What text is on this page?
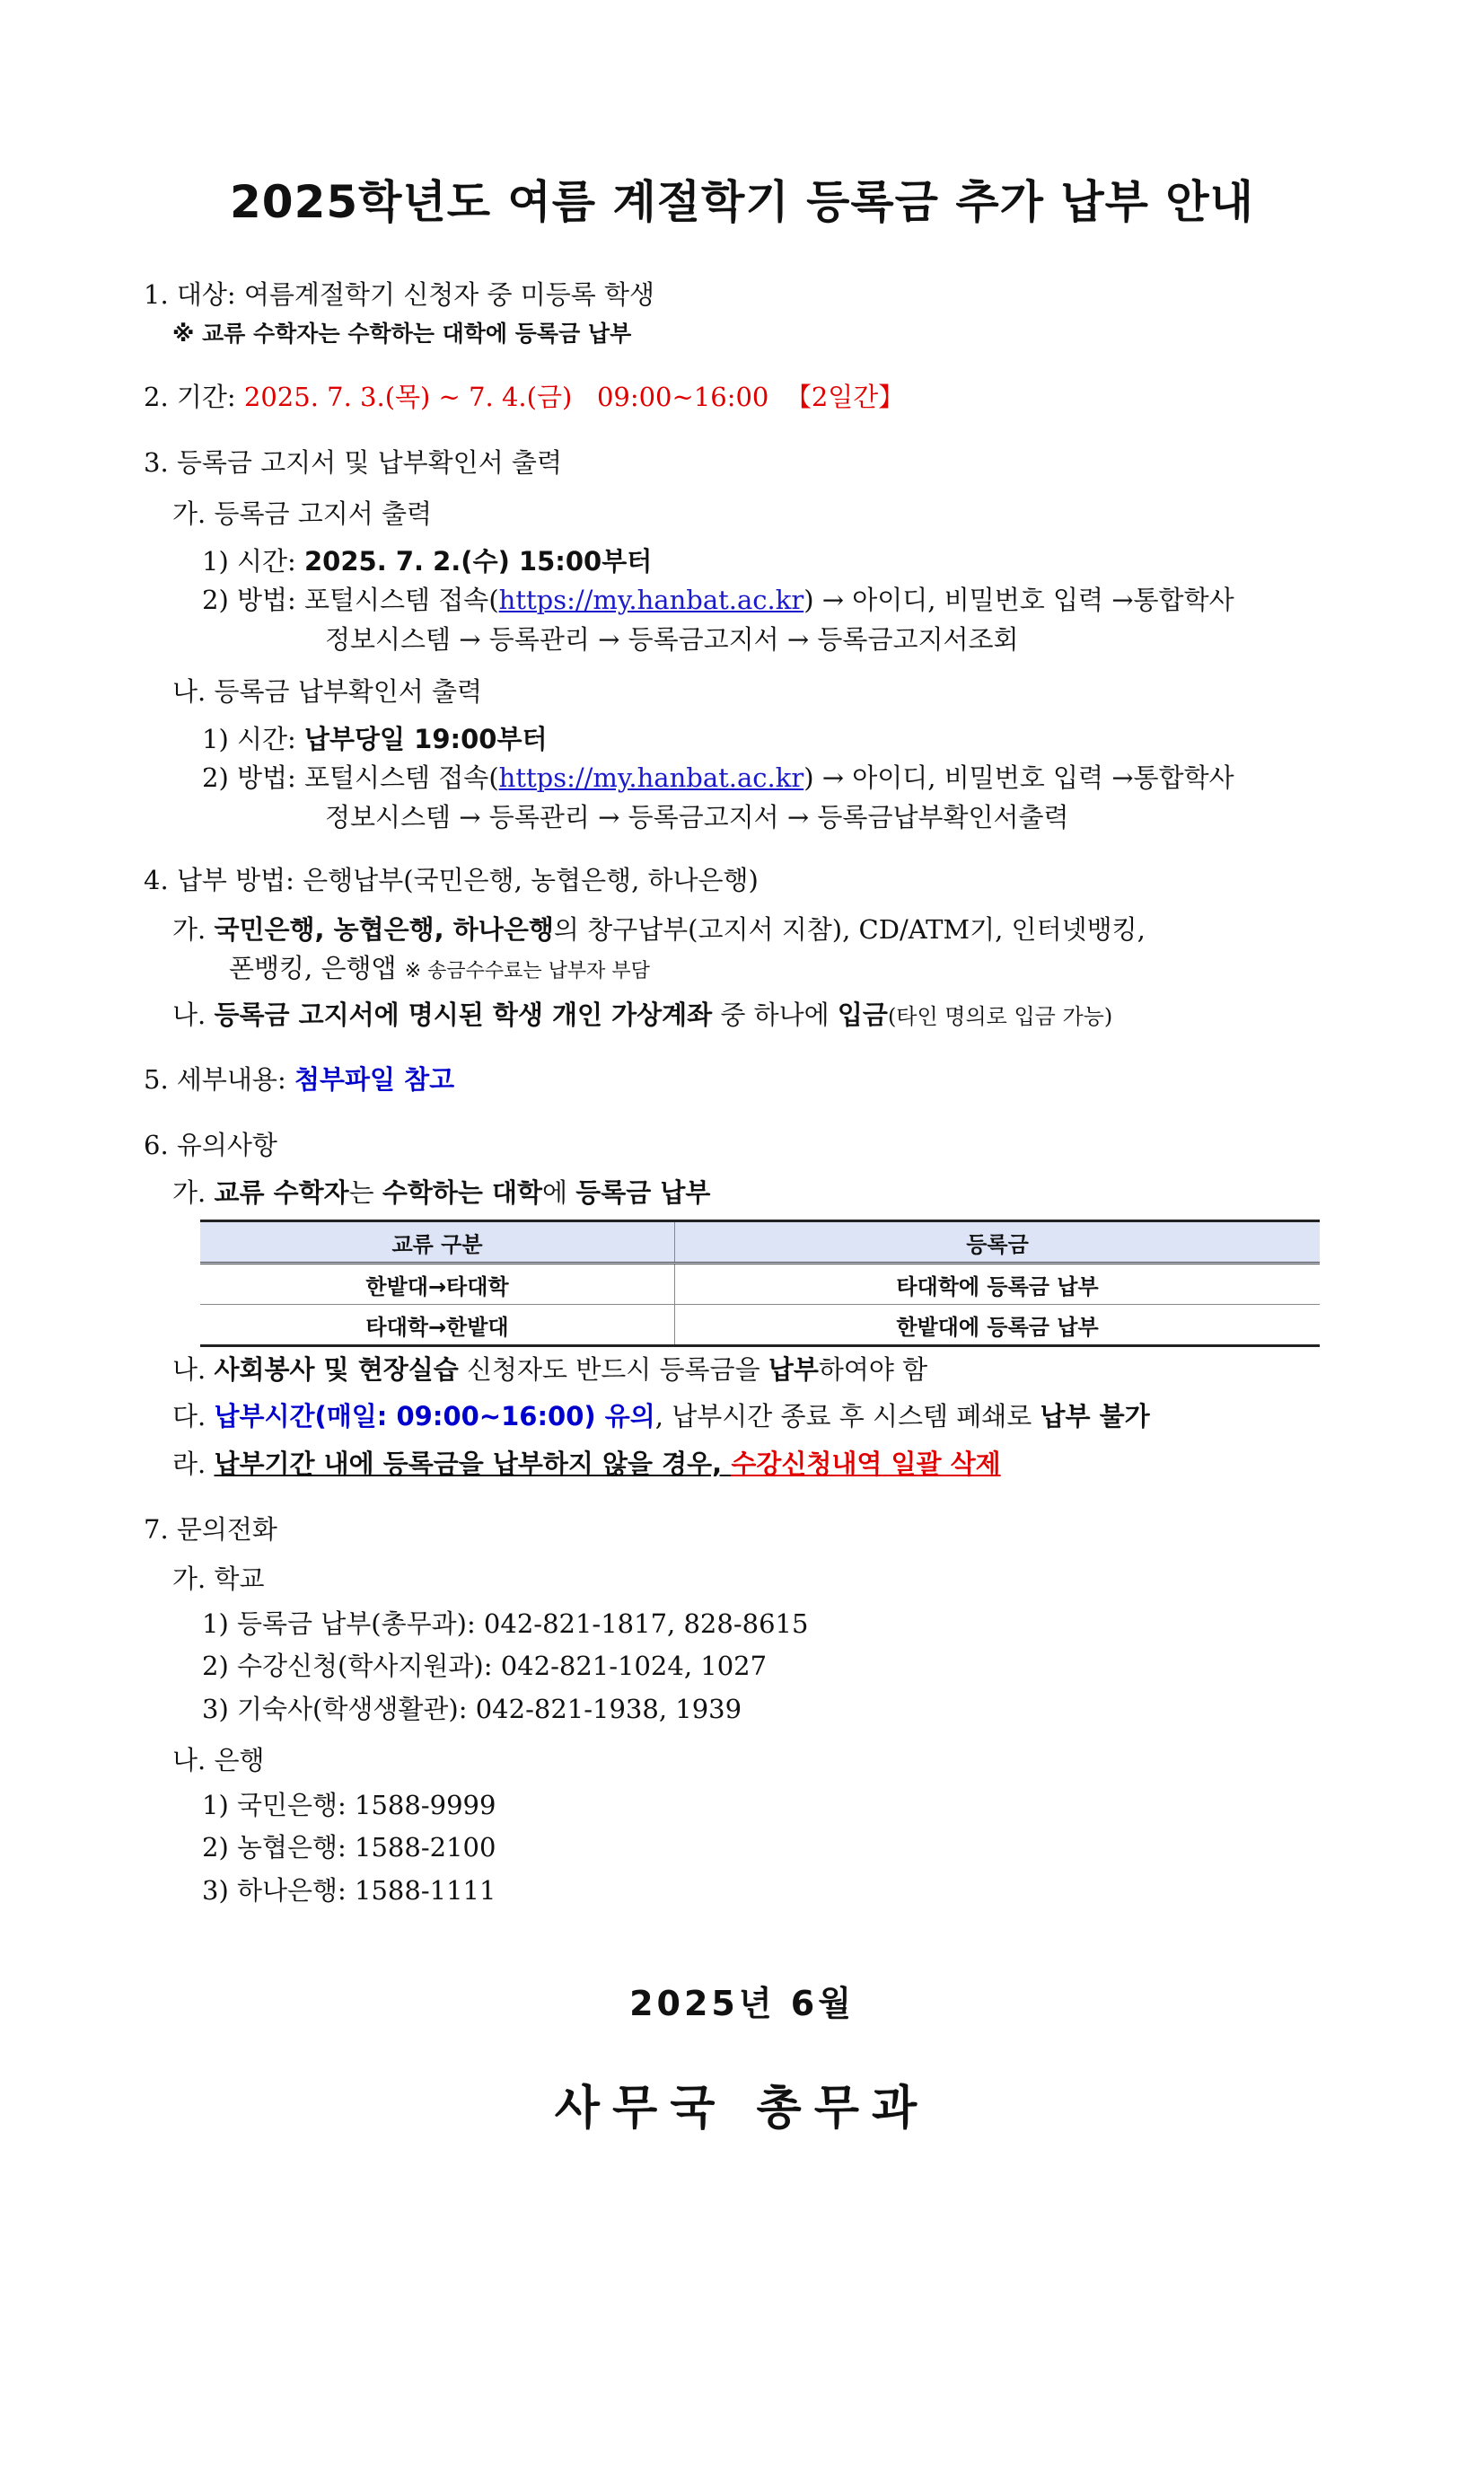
2025학년도 여름 계절학기 등록금 추가 납부 안내
1. 대상: 여름계절학기 신청자 중 미등록 학생
※ 교류 수학자는 수학하는 대학에 등록금 납부
2. 기간: 2025. 7. 3.(목) ~ 7. 4.(금) 09:00~16:00 【2일간】
3. 등록금 고지서 및 납부확인서 출력
가. 등록금 고지서 출력
1) 시간: 2025. 7. 2.(수) 15:00부터
2) 방법: 포털시스템 접속(https://my.hanbat.ac.kr) → 아이디, 비밀번호 입력 →통합학사
정보시스템 → 등록관리 → 등록금고지서 → 등록금고지서조회
나. 등록금 납부확인서 출력
1) 시간: 납부당일 19:00부터
2) 방법: 포털시스템 접속(https://my.hanbat.ac.kr) → 아이디, 비밀번호 입력 →통합학사
정보시스템 → 등록관리 → 등록금고지서 → 등록금납부확인서출력
4. 납부 방법: 은행납부(국민은행, 농협은행, 하나은행)
가. 국민은행, 농협은행, 하나은행의 창구납부(고지서 지참), CD/ATM기, 인터넷뱅킹,
폰뱅킹, 은행앱 ※ 송금수수료는 납부자 부담
나. 등록금 고지서에 명시된 학생 개인 가상계좌 중 하나에 입금(타인 명의로 입금 가능)
5. 세부내용: 첨부파일 참고
6. 유의사항
가. 교류 수학자는 수학하는 대학에 등록금 납부
교류 구분	등록금
한밭대→타대학	타대학에 등록금 납부
타대학→한밭대	한밭대에 등록금 납부
나. 사회봉사 및 현장실습 신청자도 반드시 등록금을 납부하여야 함
다. 납부시간(매일: 09:00~16:00) 유의, 납부시간 종료 후 시스템 폐쇄로 납부 불가
라. 납부기간 내에 등록금을 납부하지 않을 경우, 수강신청내역 일괄 삭제
7. 문의전화
가. 학교
1) 등록금 납부(총무과): 042-821-1817, 828-8615
2) 수강신청(학사지원과): 042-821-1024, 1027
3) 기숙사(학생생활관): 042-821-1938, 1939
나. 은행
1) 국민은행: 1588-9999
2) 농협은행: 1588-2100
3) 하나은행: 1588-1111
2025년 6월
사무국 총무과
